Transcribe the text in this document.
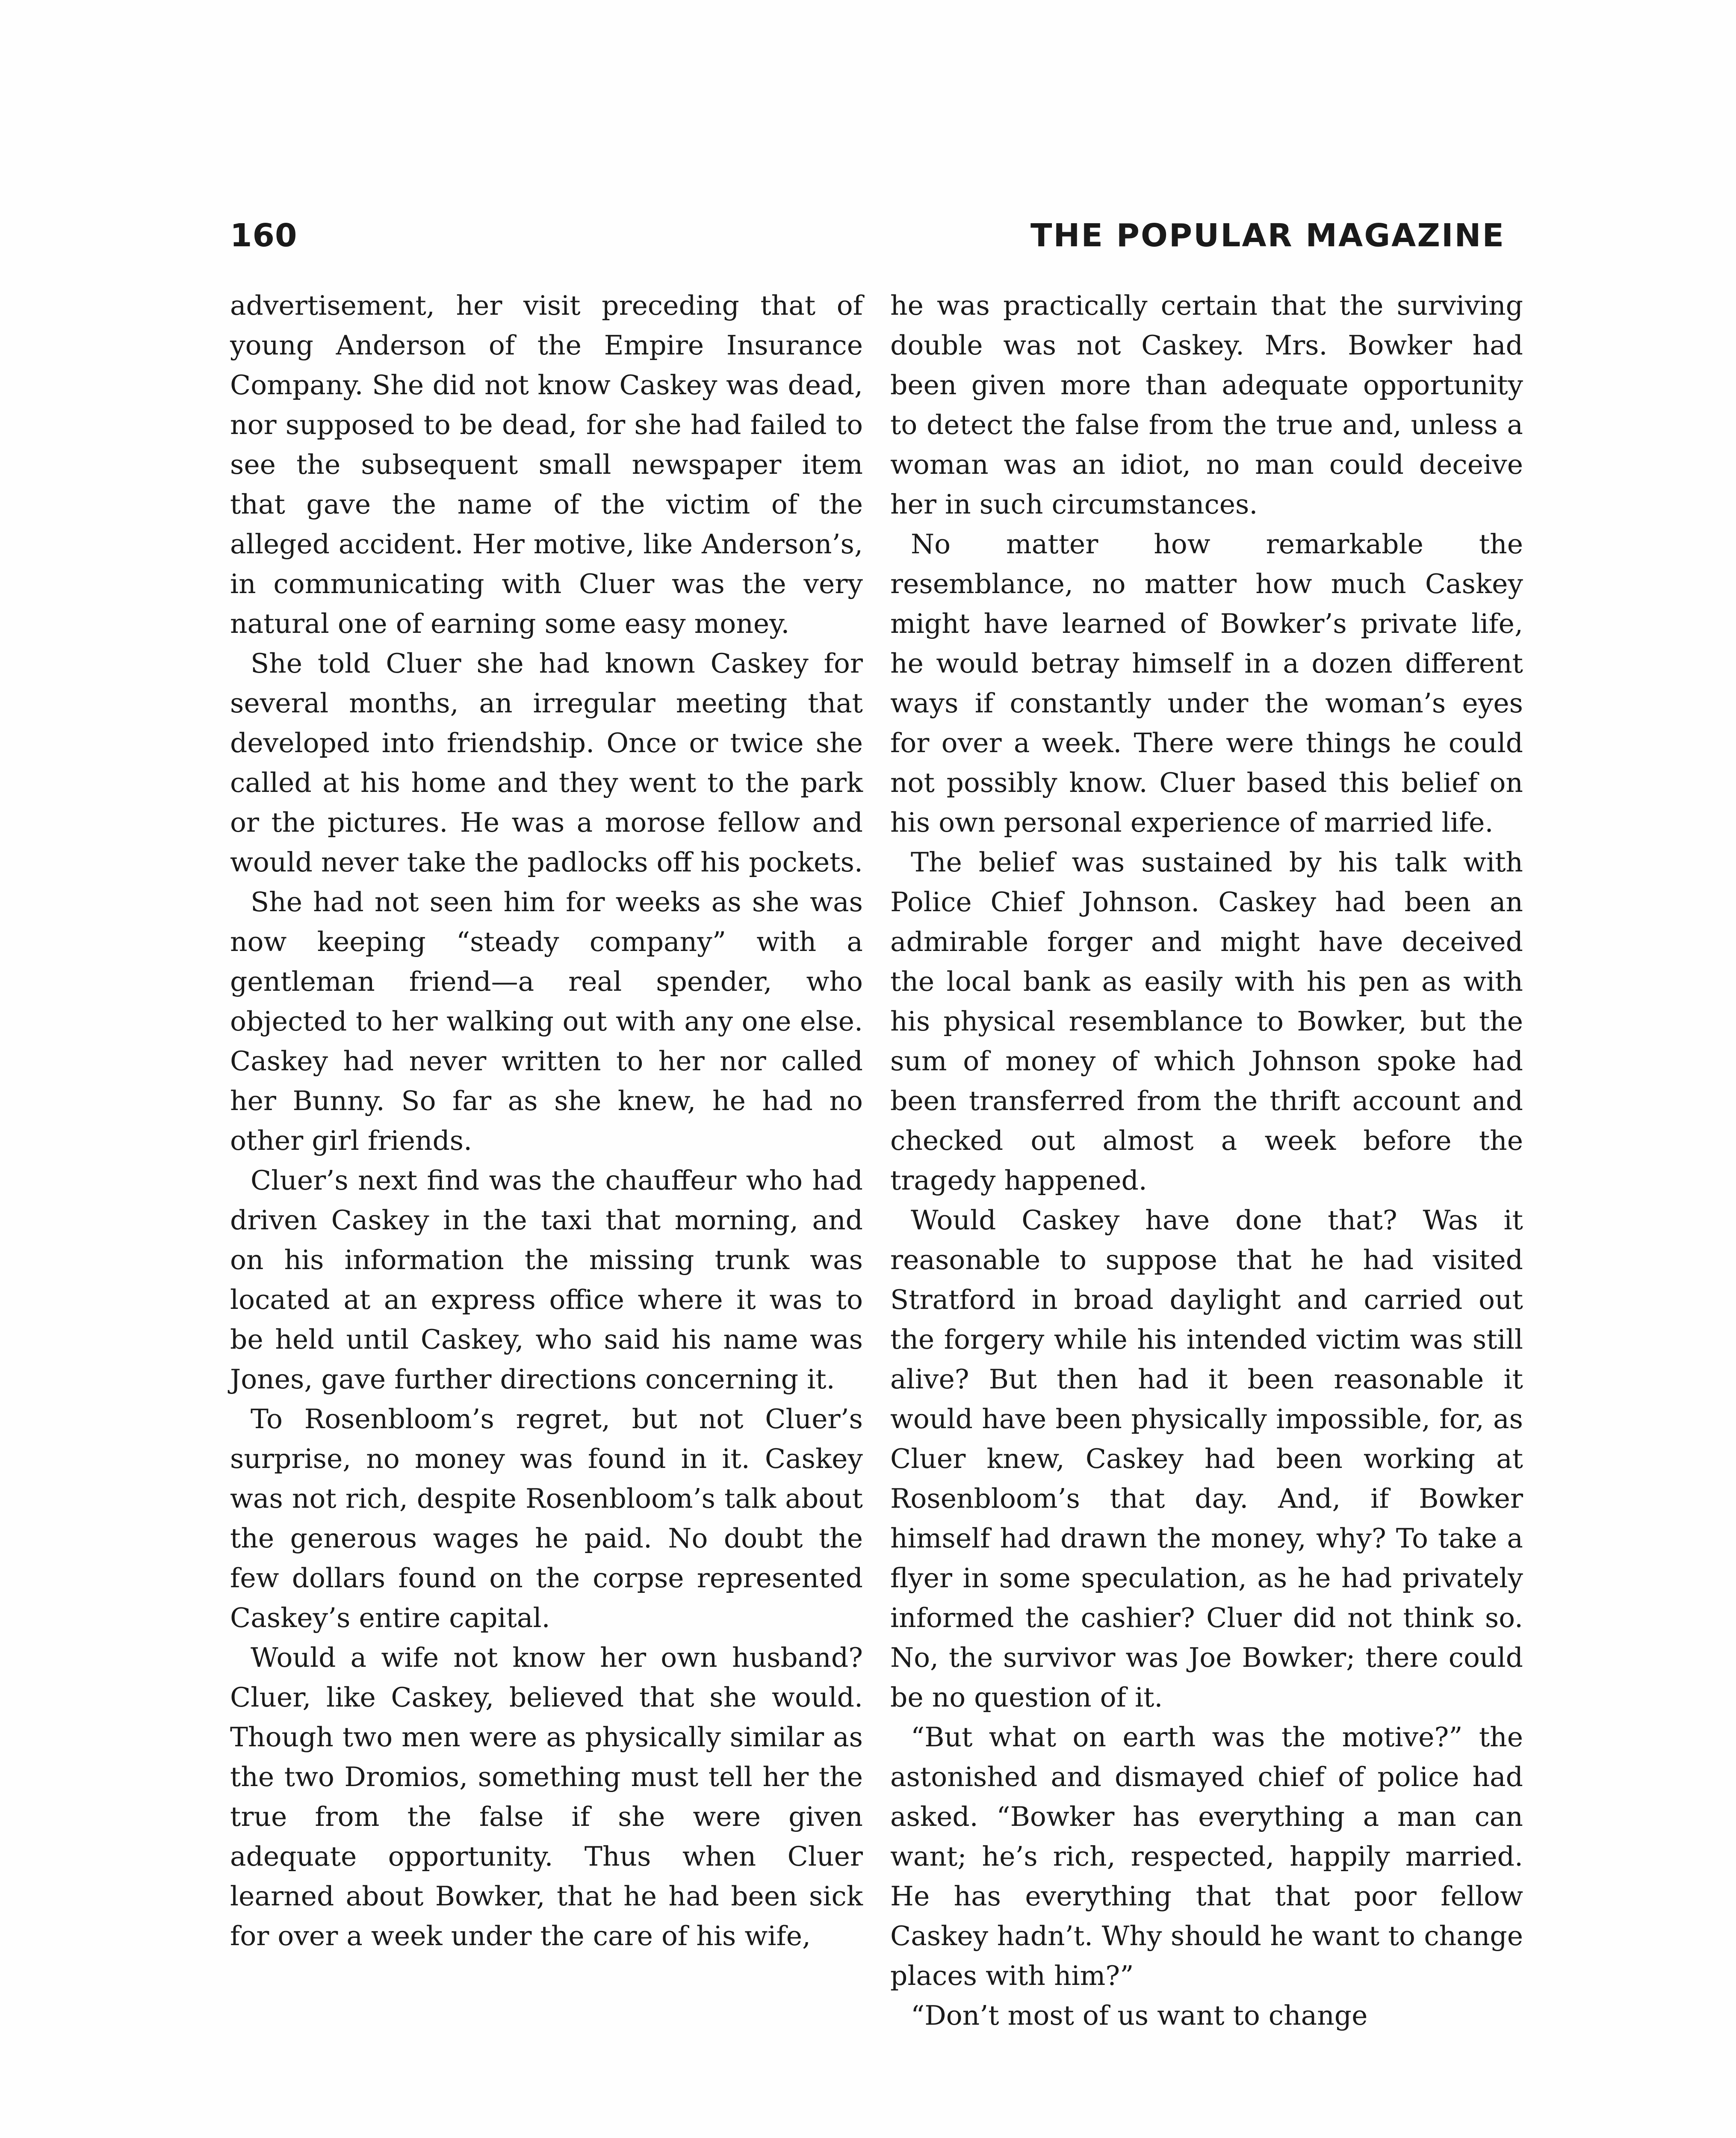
160	THE POPULAR MAGAZINE

advertisement, her visit preceding that of young Anderson of the Empire Insurance Company. She did not know Caskey was dead, nor supposed to be dead, for she had failed to see the subsequent small newspaper item that gave the name of the victim of the alleged accident. Her motive, like Anderson’s, in communicating with Cluer was the very natural one of earning some easy money.

She told Cluer she had known Caskey for several months, an irregular meeting that developed into friendship. Once or twice she called at his home and they went to the park or the pictures. He was a morose fellow and would never take the padlocks off his pockets.

She had not seen him for weeks as she was now keeping “steady company” with a gentleman friend—a real spender, who objected to her walking out with any one else. Caskey had never written to her nor called her Bunny. So far as she knew, he had no other girl friends.

Cluer’s next find was the chauffeur who had driven Caskey in the taxi that morning, and on his information the missing trunk was located at an express office where it was to be held until Caskey, who said his name was Jones, gave further directions concerning it.

To Rosenbloom’s regret, but not Cluer’s surprise, no money was found in it. Caskey was not rich, despite Rosenbloom’s talk about the generous wages he paid. No doubt the few dollars found on the corpse represented Caskey’s entire capital.

Would a wife not know her own husband? Cluer, like Caskey, believed that she would. Though two men were as physically similar as the two Dromios, something must tell her the true from the false if she were given adequate opportunity. Thus when Cluer learned about Bowker, that he had been sick for over a week under the care of his wife,

he was practically certain that the surviving double was not Caskey. Mrs. Bowker had been given more than adequate opportunity to detect the false from the true and, unless a woman was an idiot, no man could deceive her in such circumstances.

No matter how remarkable the resemblance, no matter how much Caskey might have learned of Bowker’s private life, he would betray himself in a dozen different ways if constantly under the woman’s eyes for over a week. There were things he could not possibly know. Cluer based this belief on his own personal experience of married life.

The belief was sustained by his talk with Police Chief Johnson. Caskey had been an admirable forger and might have deceived the local bank as easily with his pen as with his physical resemblance to Bowker, but the sum of money of which Johnson spoke had been transferred from the thrift account and checked out almost a week before the tragedy happened.

Would Caskey have done that? Was it reasonable to suppose that he had visited Stratford in broad daylight and carried out the forgery while his intended victim was still alive? But then had it been reasonable it would have been physically impossible, for, as Cluer knew, Caskey had been working at Rosenbloom’s that day. And, if Bowker himself had drawn the money, why? To take a flyer in some speculation, as he had privately informed the cashier? Cluer did not think so. No, the survivor was Joe Bowker; there could be no question of it.

“But what on earth was the motive?” the astonished and dismayed chief of police had asked. “Bowker has everything a man can want; he’s rich, respected, happily married. He has everything that that poor fellow Caskey hadn’t. Why should he want to change places with him?”

“Don’t most of us want to change
